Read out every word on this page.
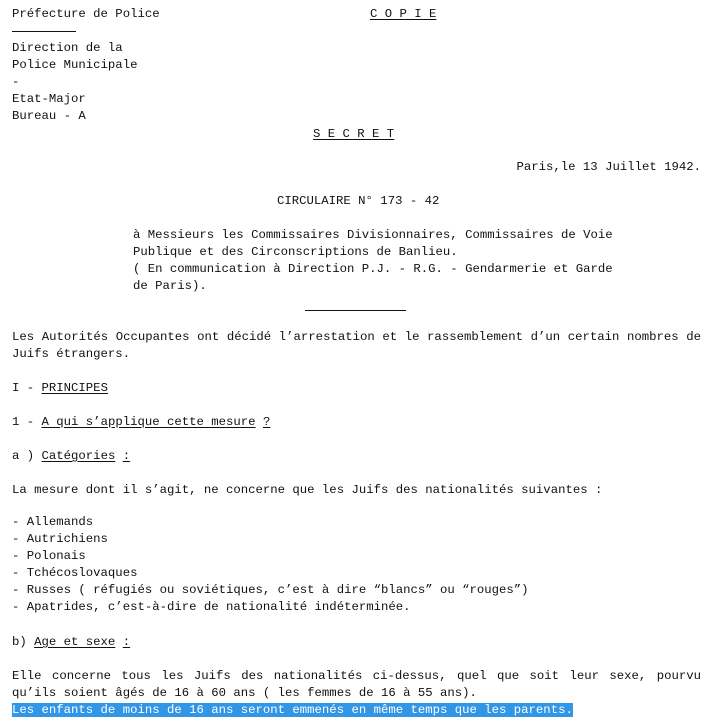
Préfecture de Police	C O P I E
Direction de la
Police Municipale
-
Etat-Major
Bureau - A
S E C R E T
Paris,le 13 Juillet 1942.
CIRCULAIRE N° 173 - 42
à Messieurs les Commissaires Divisionnaires, Commissaires de Voie
Publique et des Circonscriptions de Banlieu.
( En communication à Direction P.J. - R.G. - Gendarmerie et Garde
de Paris).
Les Autorités Occupantes ont décidé l’arrestation et le rassemblement d’un certain nombres de Juifs étrangers.
I - PRINCIPES
1 - A qui s’applique cette mesure ?
a ) Catégories :
La mesure dont il s’agit, ne concerne que les Juifs des nationalités suivantes :
- Allemands
- Autrichiens
- Polonais
- Tchécoslovaques
- Russes ( réfugiés ou soviétiques, c’est à dire “blancs” ou “rouges”)
- Apatrides, c’est-à-dire de nationalité indéterminée.
b) Age et sexe :
Elle concerne tous les Juifs des nationalités ci-dessus, quel que soit leur sexe, pourvu qu’ils soient âgés de 16 à 60 ans ( les femmes de 16 à 55 ans).
Les enfants de moins de 16 ans seront emmenés en même temps que les parents.
